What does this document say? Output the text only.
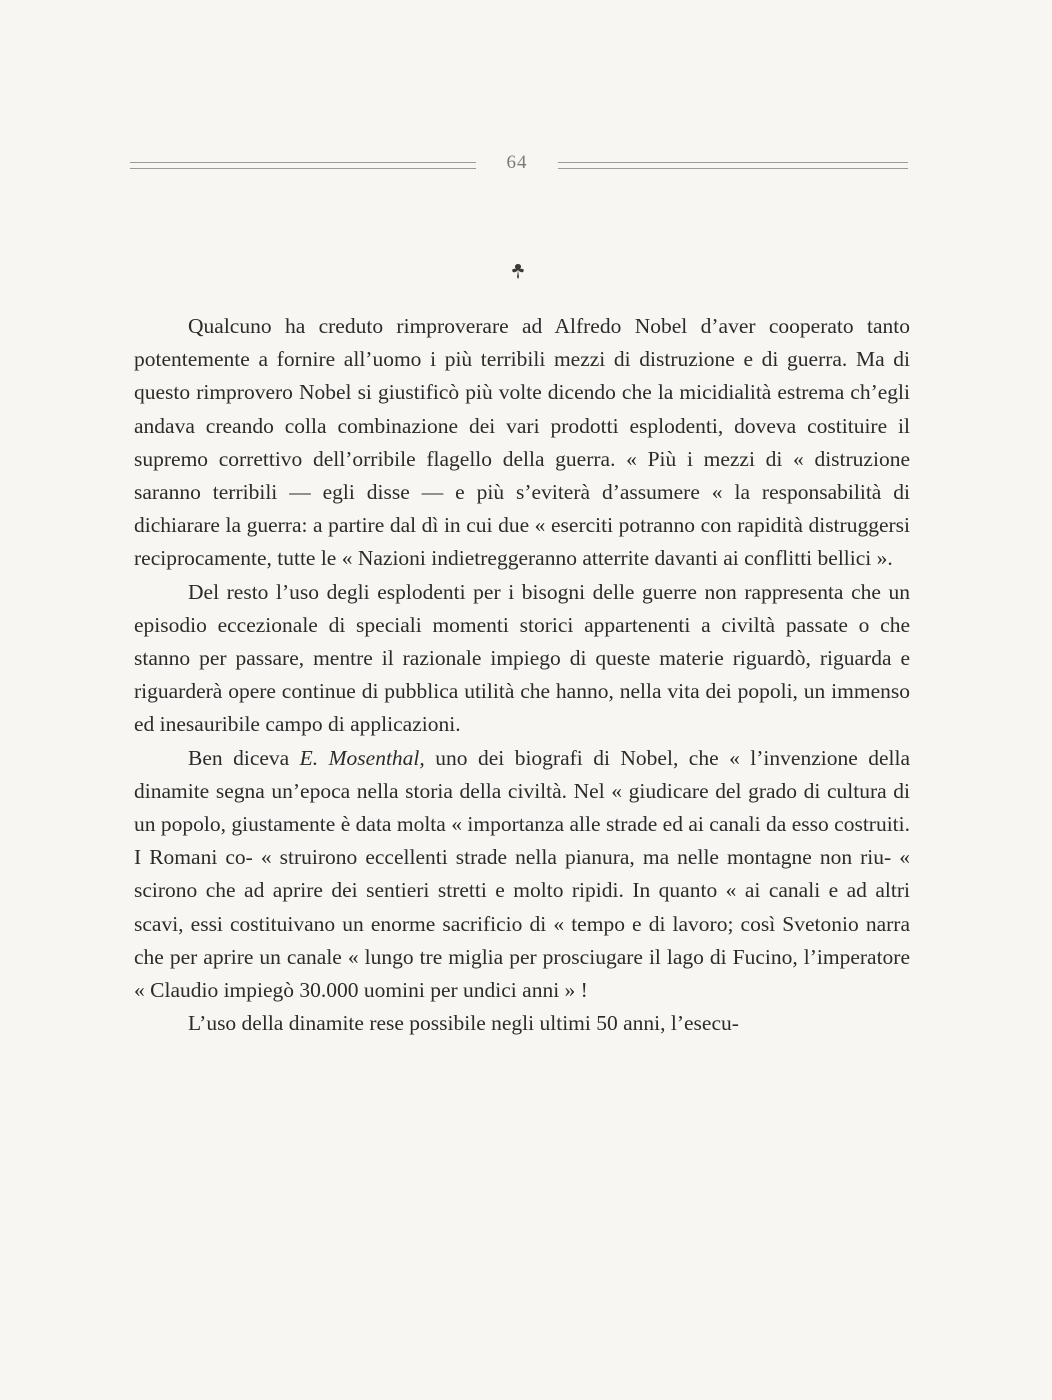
64

Qualcuno ha creduto rimproverare ad Alfredo Nobel d’aver cooperato tanto potentemente a fornire all’uomo i più terribili mezzi di distruzione e di guerra. Ma di questo rimprovero Nobel si giustificò più volte dicendo che la micidialità estrema ch’egli andava creando colla combinazione dei vari prodotti esplodenti, doveva costituire il supremo correttivo dell’orribile flagello della guerra. « Più i mezzi di « distruzione saranno terribili — egli disse — e più s’eviterà d’assumere « la responsabilità di dichiarare la guerra: a partire dal dì in cui due « eserciti potranno con rapidità distruggersi reciprocamente, tutte le « Nazioni indietreggeranno atterrite davanti ai conflitti bellici ».

Del resto l’uso degli esplodenti per i bisogni delle guerre non rappresenta che un episodio eccezionale di speciali momenti storici appartenenti a civiltà passate o che stanno per passare, mentre il razionale impiego di queste materie riguardò, riguarda e riguarderà opere continue di pubblica utilità che hanno, nella vita dei popoli, un immenso ed inesauribile campo di applicazioni.

Ben diceva E. Mosenthal, uno dei biografi di Nobel, che « l’invenzione della dinamite segna un’epoca nella storia della civiltà. Nel « giudicare del grado di cultura di un popolo, giustamente è data molta « importanza alle strade ed ai canali da esso costruiti. I Romani co- « struirono eccellenti strade nella pianura, ma nelle montagne non riu- « scirono che ad aprire dei sentieri stretti e molto ripidi. In quanto « ai canali e ad altri scavi, essi costituivano un enorme sacrificio di « tempo e di lavoro; così Svetonio narra che per aprire un canale « lungo tre miglia per prosciugare il lago di Fucino, l’imperatore « Claudio impiegò 30.000 uomini per undici anni » !

L’uso della dinamite rese possibile negli ultimi 50 anni, l’esecu-
